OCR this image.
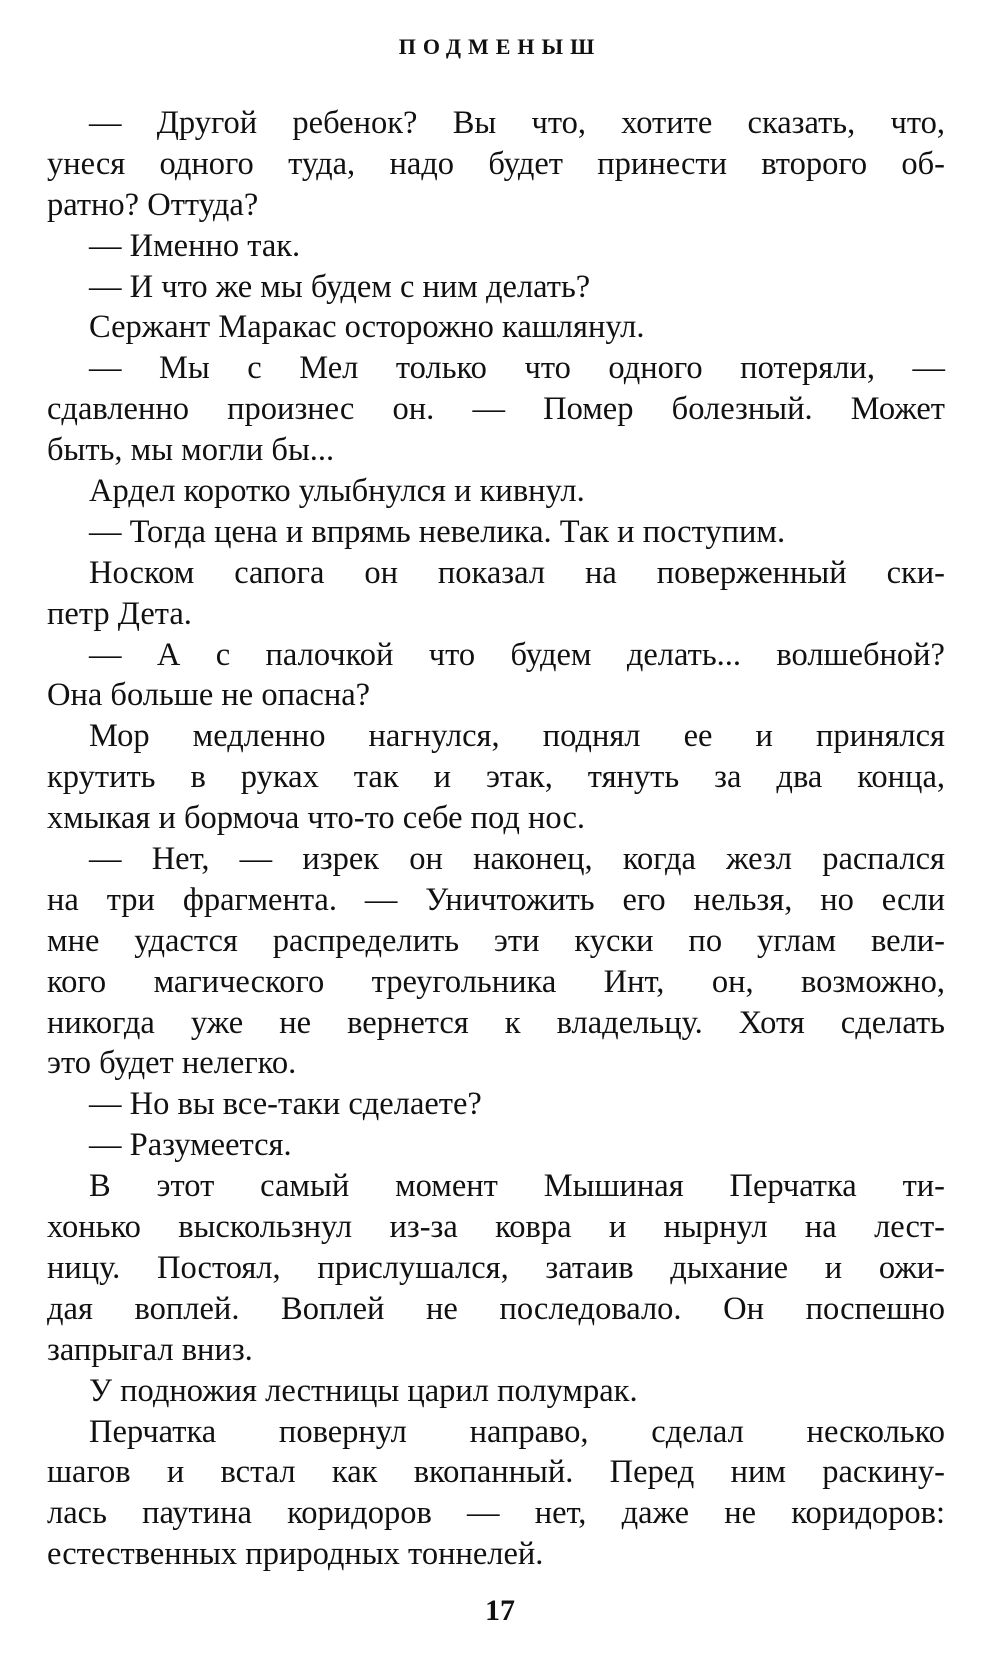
ПОДМЕНЫШ
— Другой ребенок? Вы что, хотите сказать, что,
унеся одного туда, надо будет принести второго об-
ратно? Оттуда?
— Именно так.
— И что же мы будем с ним делать?
Сержант Маракас осторожно кашлянул.
— Мы с Мел только что одного потеряли, —
сдавленно произнес он. — Помер болезный. Может
быть, мы могли бы...
Ардел коротко улыбнулся и кивнул.
— Тогда цена и впрямь невелика. Так и поступим.
Носком сапога он показал на поверженный ски-
петр Дета.
— А с палочкой что будем делать... волшебной?
Она больше не опасна?
Мор медленно нагнулся, поднял ее и принялся
крутить в руках так и этак, тянуть за два конца,
хмыкая и бормоча что-то себе под нос.
— Нет, — изрек он наконец, когда жезл распался
на три фрагмента. — Уничтожить его нельзя, но если
мне удастся распределить эти куски по углам вели-
кого магического треугольника Инт, он, возможно,
никогда уже не вернется к владельцу. Хотя сделать
это будет нелегко.
— Но вы все-таки сделаете?
— Разумеется.
В этот самый момент Мышиная Перчатка ти-
хонько выскользнул из-за ковра и нырнул на лест-
ницу. Постоял, прислушался, затаив дыхание и ожи-
дая воплей. Воплей не последовало. Он поспешно
запрыгал вниз.
У подножия лестницы царил полумрак.
Перчатка повернул направо, сделал несколько
шагов и встал как вкопанный. Перед ним раскину-
лась паутина коридоров — нет, даже не коридоров:
естественных природных тоннелей.
17
